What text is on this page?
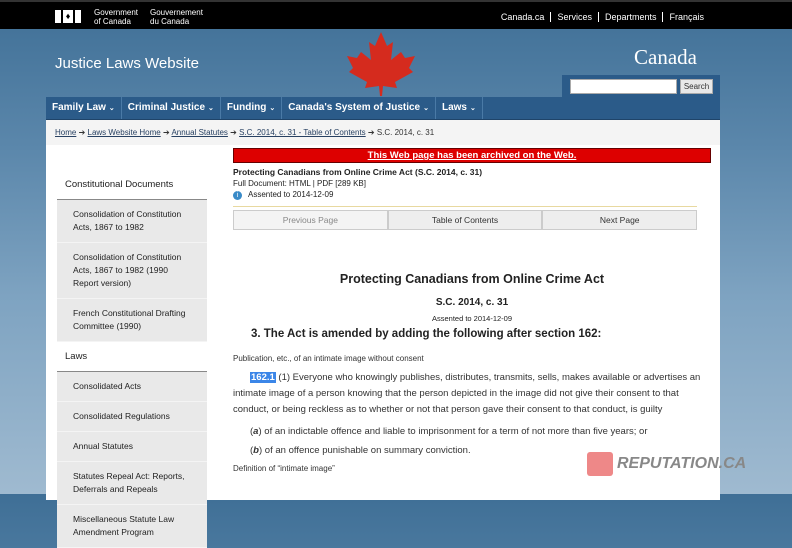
♦	Government
of Canada
Gouvernement
du Canada	Canada.ca	Services	Departments	Français
Justice Laws Website	Canada
Search
Family Law ⌄	Criminal Justice ⌄	Funding ⌄	Canada's System of Justice ⌄	Laws ⌄
Home ➔ Laws Website Home ➔ Annual Statutes ➔ S.C. 2014, c. 31 - Table of Contents ➔ S.C. 2014, c. 31
Constitutional Documents
Consolidation of Constitution Acts, 1867 to 1982
Consolidation of Constitution Acts, 1867 to 1982 (1990 Report version)
French Constitutional Drafting Committee (1990)
Laws
Consolidated Acts
Consolidated Regulations
Annual Statutes
Statutes Repeal Act: Reports, Deferrals and Repeals
Miscellaneous Statute Law Amendment Program
This Web page has been archived on the Web.
Protecting Canadians from Online Crime Act (S.C. 2014, c. 31)
Full Document: HTML | PDF [289 KB]
i Assented to 2014-12-09
Previous Page	Table of Contents	Next Page
Protecting Canadians from Online Crime Act
S.C. 2014, c. 31
Assented to 2014-12-09
3. The Act is amended by adding the following after section 162:
Publication, etc., of an intimate image without consent
162.1 (1) Everyone who knowingly publishes, distributes, transmits, sells, makes available or advertises an intimate image of a person knowing that the person depicted in the image did not give their consent to that conduct, or being reckless as to whether or not that person gave their consent to that conduct, is guilty
(a) of an indictable offence and liable to imprisonment for a term of not more than five years; or
(b) of an offence punishable on summary conviction.
Definition of “intimate image”	REPUTATION.CA
